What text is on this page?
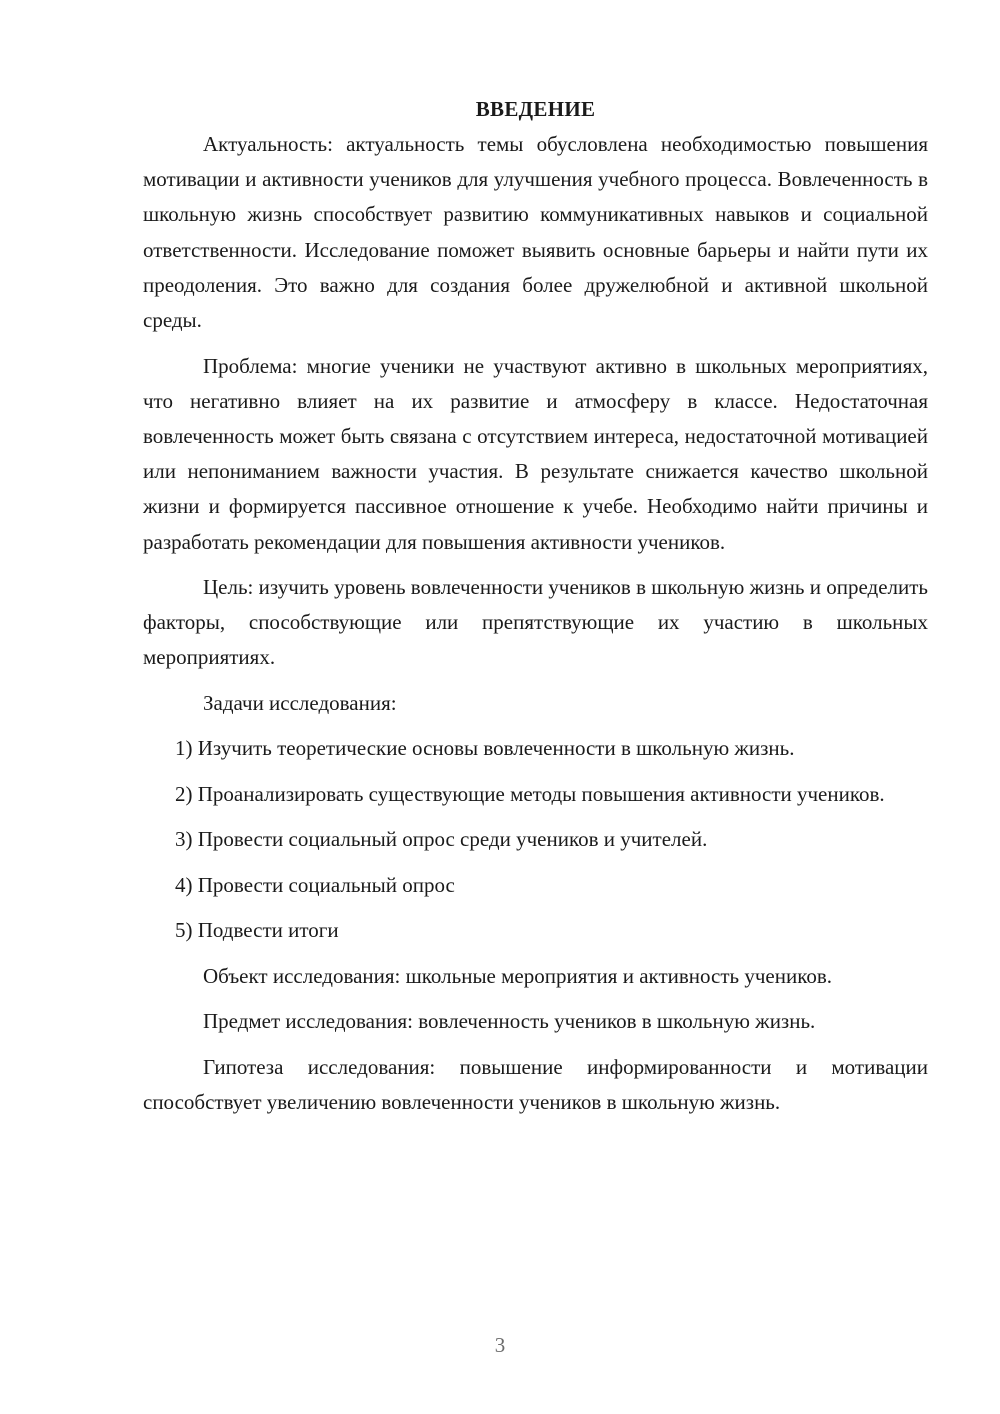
ВВЕДЕНИЕ

Актуальность: актуальность темы обусловлена необходимостью повышения мотивации и активности учеников для улучшения учебного процесса. Вовлеченность в школьную жизнь способствует развитию коммуникативных навыков и социальной ответственности. Исследование поможет выявить основные барьеры и найти пути их преодоления. Это важно для создания более дружелюбной и активной школьной среды.

Проблема: многие ученики не участвуют активно в школьных мероприятиях, что негативно влияет на их развитие и атмосферу в классе. Недостаточная вовлеченность может быть связана с отсутствием интереса, недостаточной мотивацией или непониманием важности участия. В результате снижается качество школьной жизни и формируется пассивное отношение к учебе. Необходимо найти причины и разработать рекомендации для повышения активности учеников.

Цель: изучить уровень вовлеченности учеников в школьную жизнь и определить факторы, способствующие или препятствующие их участию в школьных мероприятиях.

Задачи исследования:

1) Изучить теоретические основы вовлеченности в школьную жизнь.

2) Проанализировать существующие методы повышения активности учеников.

3) Провести социальный опрос среди учеников и учителей.

4) Провести социальный опрос

5) Подвести итоги

Объект исследования: школьные мероприятия и активность учеников.

Предмет исследования: вовлеченность учеников в школьную жизнь.

Гипотеза исследования: повышение информированности и мотивации способствует увеличению вовлеченности учеников в школьную жизнь.

3
